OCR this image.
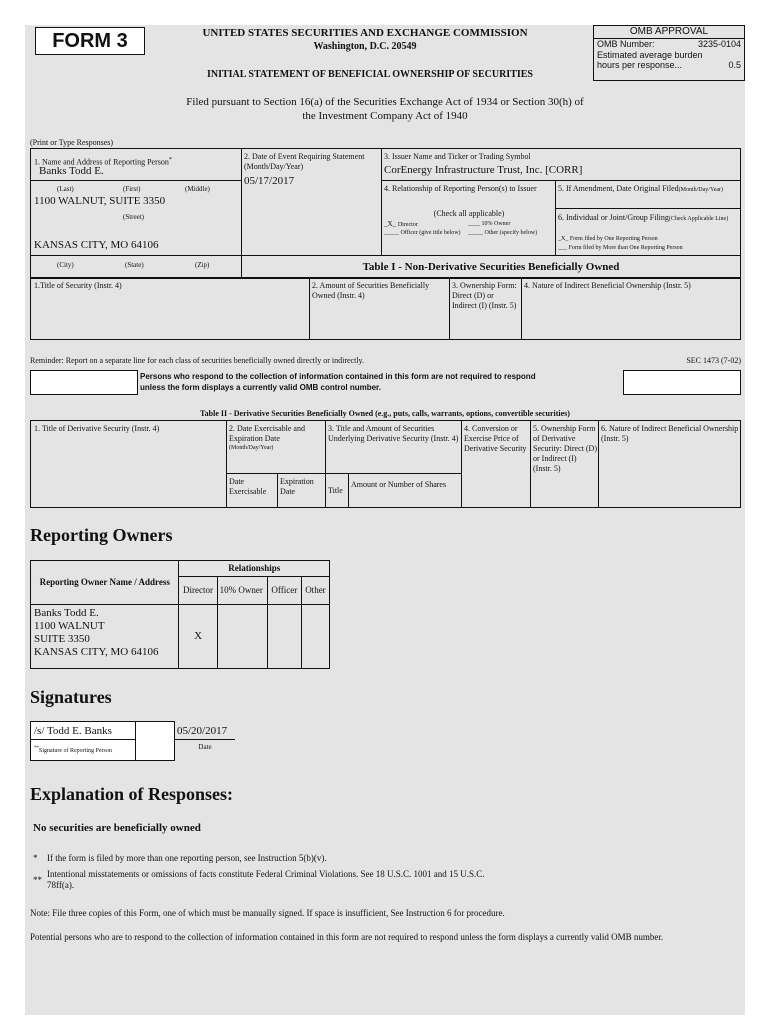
FORM 3	UNITED STATES SECURITIES AND EXCHANGE COMMISSION
Washington, D.C. 20549
INITIAL STATEMENT OF BENEFICIAL OWNERSHIP OF SECURITIES
OMB APPROVAL
OMB Number:	3235-0104
Estimated average burden
hours per response...	0.5
Filed pursuant to Section 16(a) of the Securities Exchange Act of 1934 or Section 30(h) of
the Investment Company Act of 1940
(Print or Type Responses)
1. Name and Address of Reporting Person*
Banks Todd E.
(Last)	(First)	(Middle)
1100 WALNUT, SUITE 3350
(Street)
KANSAS CITY, MO 64106
(City)	(State)	(Zip)
2. Date of Event Requiring Statement (Month/Day/Year)
05/17/2017
3. Issuer Name and Ticker or Trading Symbol
CorEnergy Infrastructure Trust, Inc. [CORR]
4. Relationship of Reporting Person(s) to Issuer
(Check all applicable)
_X_ Director	____ 10% Owner
_____ Officer (give title below)	_____ Other (specify below)
5. If Amendment, Date Original Filed(Month/Day/Year)
6. Individual or Joint/Group Filing(Check Applicable Line)
_X_ Form filed by One Reporting Person
___ Form filed by More than One Reporting Person
Table I - Non-Derivative Securities Beneficially Owned
1.Title of Security (Instr. 4)	2. Amount of Securities Beneficially Owned (Instr. 4)
3. Ownership Form: Direct (D) or Indirect (I) (Instr. 5)
4. Nature of Indirect Beneficial Ownership (Instr. 5)
Reminder: Report on a separate line for each class of securities beneficially owned directly or indirectly.	SEC 1473 (7-02)
Persons who respond to the collection of information contained in this form are not required to respond
unless the form displays a currently valid OMB control number.
Table II - Derivative Securities Beneficially Owned (e.g., puts, calls, warrants, options, convertible securities)
1. Title of Derivative Security (Instr. 4)	2. Date Exercisable and Expiration Date
(Month/Day/Year)
3. Title and Amount of Securities Underlying Derivative Security (Instr. 4)
4. Conversion or Exercise Price of Derivative Security
5. Ownership Form of Derivative Security: Direct (D) or Indirect (I) (Instr. 5)
6. Nature of Indirect Beneficial Ownership (Instr. 5)
Date Exercisable
Expiration Date	Title
Amount or Number of Shares
Reporting Owners
Reporting Owner Name / Address	Relationships			
	Director	10% Owner	Officer	Other

Banks Todd E.
1100 WALNUT
SUITE 3350
KANSAS CITY, MO 64106	X			
Signatures
/s/ Todd E. Banks
**Signature of Reporting Person
05/20/2017
Date
Explanation of Responses:
No securities are beneficially owned
* If the form is filed by more than one reporting person, see Instruction 5(b)(v).
**
Intentional misstatements or omissions of facts constitute Federal Criminal Violations. See 18 U.S.C. 1001 and 15 U.S.C.
78ff(a).
Note: File three copies of this Form, one of which must be manually signed. If space is insufficient, See Instruction 6 for procedure.
Potential persons who are to respond to the collection of information contained in this form are not required to respond unless the form displays a currently valid OMB number.
